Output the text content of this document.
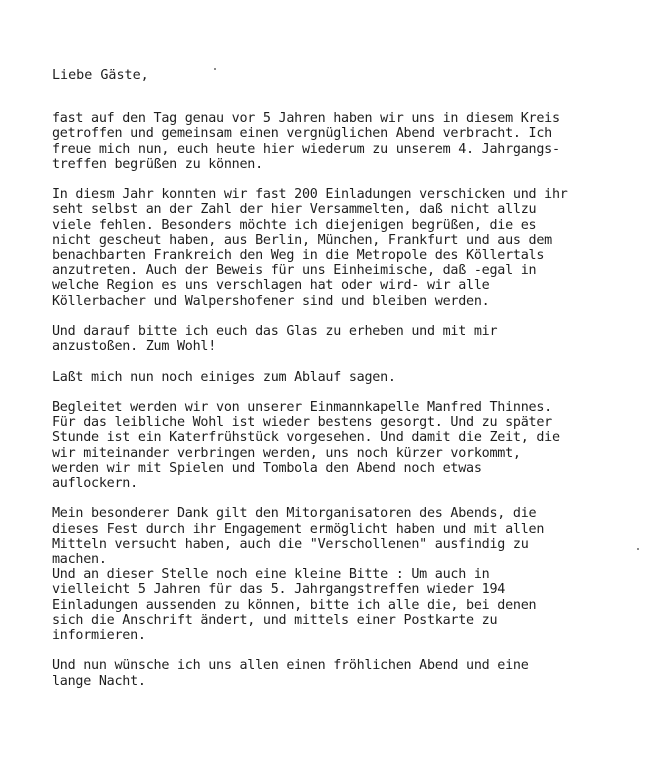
Liebe Gäste,
fast auf den Tag genau vor 5 Jahren haben wir uns in diesem Kreis
getroffen und gemeinsam einen vergnüglichen Abend verbracht. Ich
freue mich nun, euch heute hier wiederum zu unserem 4. Jahrgangs-
treffen begrüßen zu können.
In diesm Jahr konnten wir fast 200 Einladungen verschicken und ihr
seht selbst an der Zahl der hier Versammelten, daß nicht allzu
viele fehlen. Besonders möchte ich diejenigen begrüßen, die es
nicht gescheut haben, aus Berlin, München, Frankfurt und aus dem
benachbarten Frankreich den Weg in die Metropole des Köllertals
anzutreten. Auch der Beweis für uns Einheimische, daß -egal in
welche Region es uns verschlagen hat oder wird- wir alle
Köllerbacher und Walpershofener sind und bleiben werden.
Und darauf bitte ich euch das Glas zu erheben und mit mir
anzustoßen. Zum Wohl!
Laßt mich nun noch einiges zum Ablauf sagen.
Begleitet werden wir von unserer Einmannkapelle Manfred Thinnes.
Für das leibliche Wohl ist wieder bestens gesorgt. Und zu später
Stunde ist ein Katerfrühstück vorgesehen. Und damit die Zeit, die
wir miteinander verbringen werden, uns noch kürzer vorkommt,
werden wir mit Spielen und Tombola den Abend noch etwas
auflockern.
Mein besonderer Dank gilt den Mitorganisatoren des Abends, die
dieses Fest durch ihr Engagement ermöglicht haben und mit allen
Mitteln versucht haben, auch die "Verschollenen" ausfindig zu
machen.
Und an dieser Stelle noch eine kleine Bitte : Um auch in
vielleicht 5 Jahren für das 5. Jahrgangstreffen wieder 194
Einladungen aussenden zu können, bitte ich alle die, bei denen
sich die Anschrift ändert, und mittels einer Postkarte zu
informieren.
Und nun wünsche ich uns allen einen fröhlichen Abend und eine
lange Nacht.
